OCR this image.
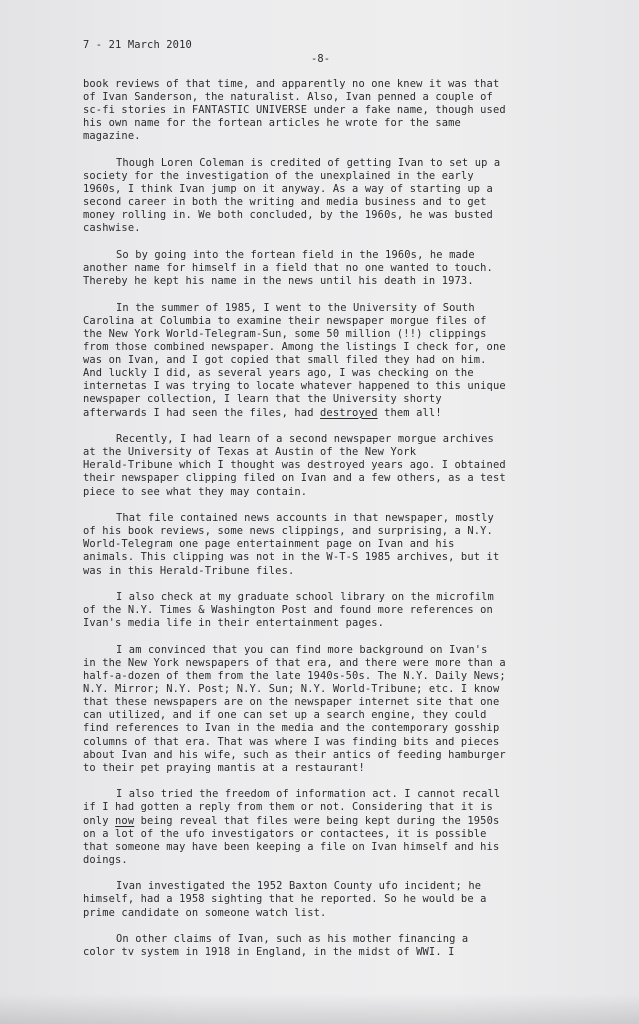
7 - 21 March 2010
-8-
book reviews of that time, and apparently no one knew it was that
of Ivan Sanderson, the naturalist. Also, Ivan penned a couple of
sc-fi stories in FANTASTIC UNIVERSE under a fake name, though used
his own name for the fortean articles he wrote for the same
magazine.
Though Loren Coleman is credited of getting Ivan to set up a
society for the investigation of the unexplained in the early
1960s, I think Ivan jump on it anyway. As a way of starting up a
second career in both the writing and media business and to get
money rolling in. We both concluded, by the 1960s, he was busted
cashwise.
So by going into the fortean field in the 1960s, he made
another name for himself in a field that no one wanted to touch.
Thereby he kept his name in the news until his death in 1973.
In the summer of 1985, I went to the University of South
Carolina at Columbia to examine their newspaper morgue files of
the New York World-Telegram-Sun, some 50 million (!!) clippings
from those combined newspaper. Among the listings I check for, one
was on Ivan, and I got copied that small filed they had on him.
And luckly I did, as several years ago, I was checking on the
internetas I was trying to locate whatever happened to this unique
newspaper collection, I learn that the University shorty
afterwards I had seen the files, had destroyed them all!
Recently, I had learn of a second newspaper morgue archives
at the University of Texas at Austin of the New York
Herald-Tribune which I thought was destroyed years ago. I obtained
their newspaper clipping filed on Ivan and a few others, as a test
piece to see what they may contain.
That file contained news accounts in that newspaper, mostly
of his book reviews, some news clippings, and surprising, a N.Y.
World-Telegram one page entertainment page on Ivan and his
animals. This clipping was not in the W-T-S 1985 archives, but it
was in this Herald-Tribune files.
I also check at my graduate school library on the microfilm
of the N.Y. Times & Washington Post and found more references on
Ivan's media life in their entertainment pages.
I am convinced that you can find more background on Ivan's
in the New York newspapers of that era, and there were more than a
half-a-dozen of them from the late 1940s-50s. The N.Y. Daily News;
N.Y. Mirror; N.Y. Post; N.Y. Sun; N.Y. World-Tribune; etc. I know
that these newspapers are on the newspaper internet site that one
can utilized, and if one can set up a search engine, they could
find references to Ivan in the media and the contemporary gosship
columns of that era. That was where I was finding bits and pieces
about Ivan and his wife, such as their antics of feeding hamburger
to their pet praying mantis at a restaurant!
I also tried the freedom of information act. I cannot recall
if I had gotten a reply from them or not. Considering that it is
only now being reveal that files were being kept during the 1950s
on a lot of the ufo investigators or contactees, it is possible
that someone may have been keeping a file on Ivan himself and his
doings.
Ivan investigated the 1952 Baxton County ufo incident; he
himself, had a 1958 sighting that he reported. So he would be a
prime candidate on someone watch list.
On other claims of Ivan, such as his mother financing a
color tv system in 1918 in England, in the midst of WWI. I
